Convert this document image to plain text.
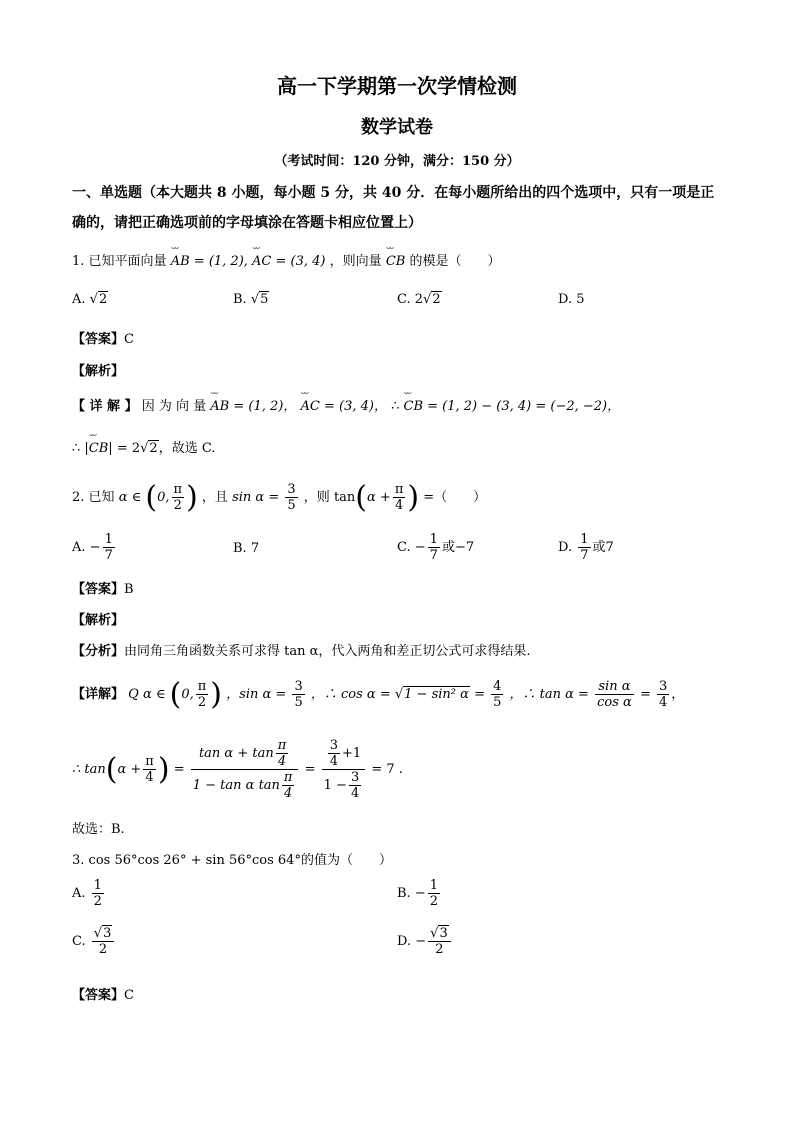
高一下学期第一次学情检测
数学试卷
（考试时间：120 分钟，满分：150 分）
一、单选题（本大题共 8 小题，每小题 5 分，共 40 分．在每小题所给出的四个选项中，只有一项是正确的，请把正确选项前的字母填涂在答题卡相应位置上）
1. 已知平面向量 ⌣⌣ AB = (1, 2), ⌣⌣ AC = (3, 4) ，则向量 ⌣⌣ CB 的模是（　　）
A. √2	B. √5	C. 2√2	D. 5
【答案】C
【解析】
【 详 解 】 因 为 向 量 ⌣⌣ AB = (1, 2)， ⌣⌣ AC = (3, 4)， ∴ ⌣⌣ CB = (1, 2) − (3, 4) = (−2, −2)，
∴ |⌣⌣ CB| = 2√2，故选 C.
2. 已知 α ∈ (0, $\frac{\pi}{2}$ ) ，且 $\sin \alpha = \frac{3}{5}$ ，则 $\tan(\alpha + \frac{\pi}{4}$ ) =（　　）
A. − $\frac{1}{7}$	B. 7	C. − $\frac{1}{7}$ 或−7	D. $\frac{1}{7}$ 或7
【答案】B
【解析】
【分析】由同角三角函数关系可求得 tan α，代入两角和差正切公式可求得结果.
【详解】 Q α ∈ (0, $\frac{\pi}{2}$ ) ，$\sin \alpha = \frac{3}{5}$ ，∴ cos α = √1 − sin² $\alpha = \frac{4}{5}$ ，∴ $\tan \alpha = \frac{\text{sin α}}{\text{cos α}} = \frac{3}{4}$ ，
∴ $\tan(\alpha + \frac{\pi}{4}$ ) = $\frac{\tan \alpha + \tan \frac{\pi}{4}}{1 - \tan \alpha \tan \frac{\pi}{4}} = \frac{\frac{3}{4} +1}{1 - \frac{3}{4}} = 7$ .
故选：B.
3. cos 56°cos 26° + sin 56°cos 64°的值为（　　）
A. $\frac{1}{2}$	B. − $\frac{1}{2}$
C. $\frac{√3}{2}$	D. − $\frac{√3}{2}$
【答案】C
